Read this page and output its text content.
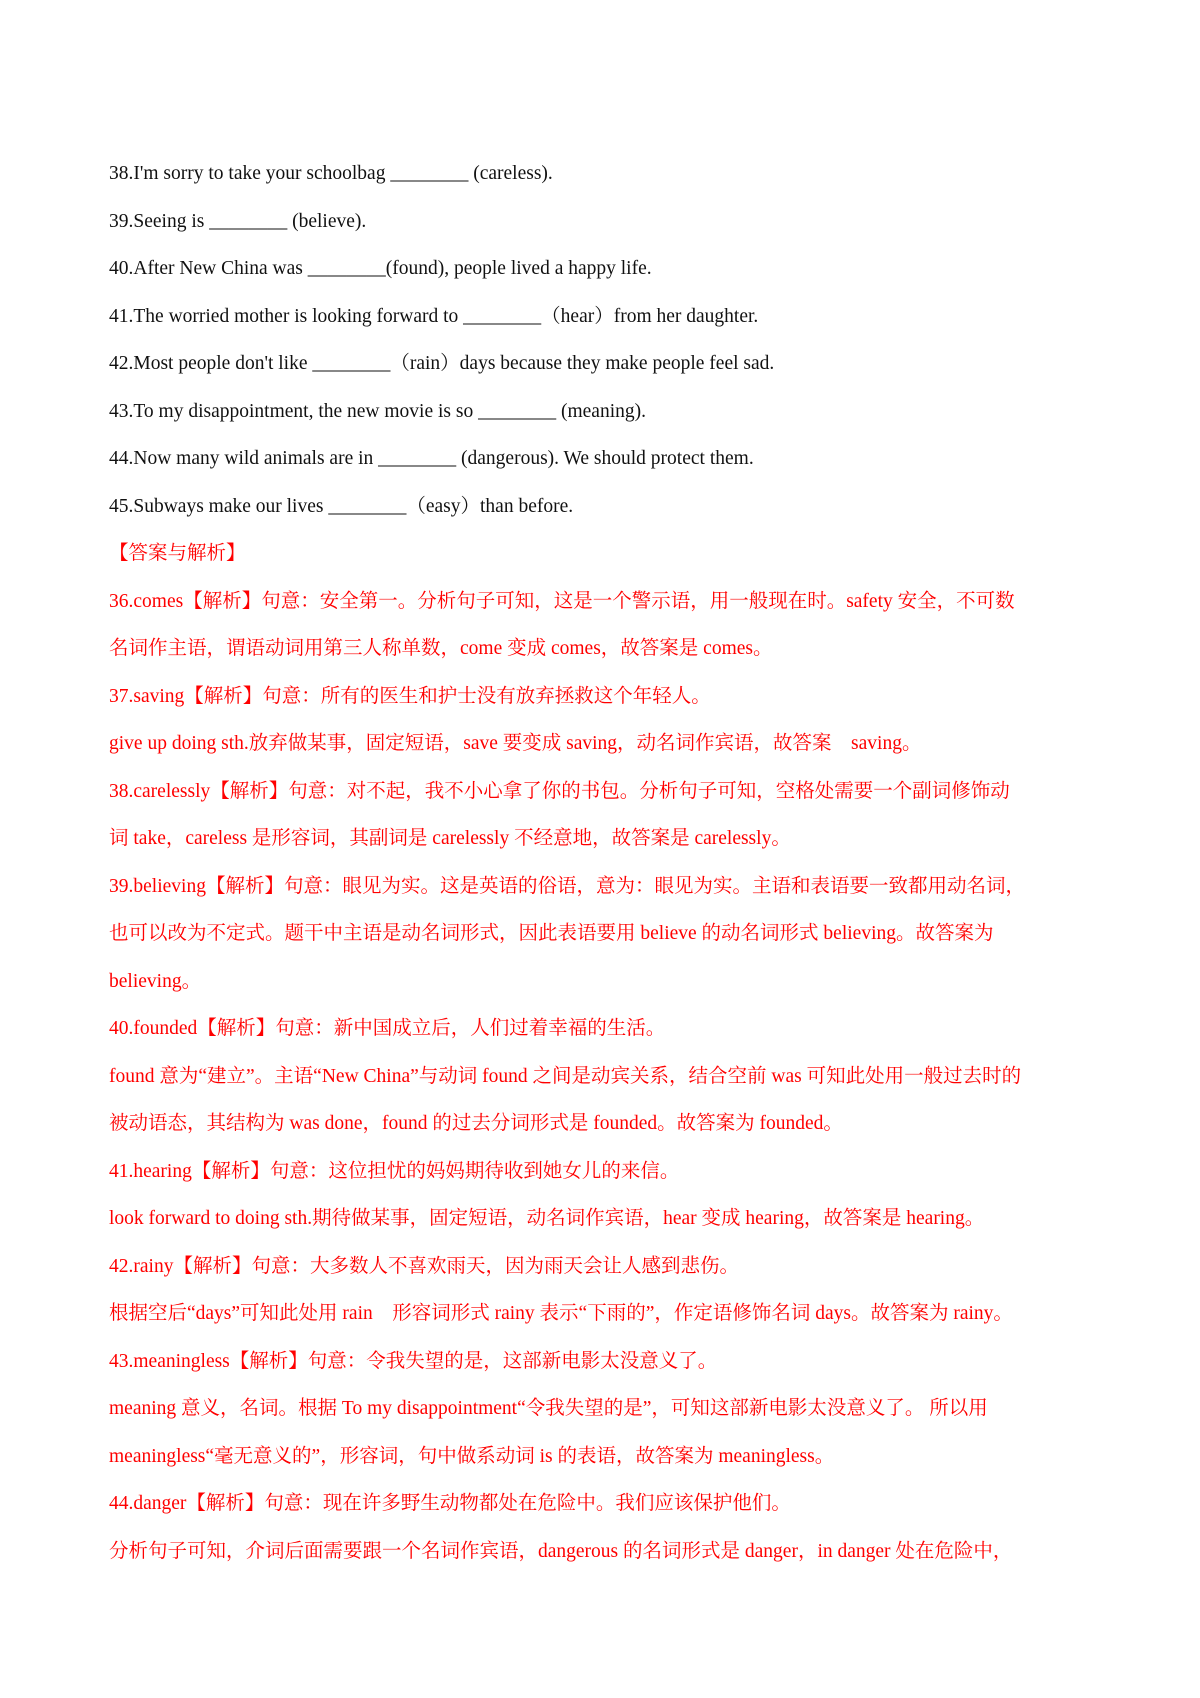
38.I'm sorry to take your schoolbag ________ (careless).
39.Seeing is ________ (believe).
40.After New China was ________(found), people lived a happy life.
41.The worried mother is looking forward to ________（hear）from her daughter.
42.Most people don't like ________（rain）days because they make people feel sad.
43.To my disappointment, the new movie is so ________ (meaning).
44.Now many wild animals are in ________ (dangerous). We should protect them.
45.Subways make our lives ________（easy）than before.
【答案与解析】
36.comes【解析】句意：安全第一。分析句子可知，这是一个警示语，用一般现在时。safety 安全，不可数
名词作主语，谓语动词用第三人称单数，come 变成 comes，故答案是 comes。
37.saving【解析】句意：所有的医生和护士没有放弃拯救这个年轻人。
give up doing sth.放弃做某事，固定短语，save 要变成 saving，动名词作宾语，故答案　saving。
38.carelessly【解析】句意：对不起，我不小心拿了你的书包。分析句子可知，空格处需要一个副词修饰动
词 take，careless 是形容词，其副词是 carelessly 不经意地，故答案是 carelessly。
39.believing【解析】句意：眼见为实。这是英语的俗语，意为：眼见为实。主语和表语要一致都用动名词，
也可以改为不定式。题干中主语是动名词形式，因此表语要用 believe 的动名词形式 believing。故答案为
believing。
40.founded【解析】句意：新中国成立后，人们过着幸福的生活。
found 意为“建立”。主语“New China”与动词 found 之间是动宾关系，结合空前 was 可知此处用一般过去时的
被动语态，其结构为 was done，found 的过去分词形式是 founded。故答案为 founded。
41.hearing【解析】句意：这位担忧的妈妈期待收到她女儿的来信。
look forward to doing sth.期待做某事，固定短语，动名词作宾语，hear 变成 hearing，故答案是 hearing。
42.rainy【解析】句意：大多数人不喜欢雨天，因为雨天会让人感到悲伤。
根据空后“days”可知此处用 rain　形容词形式 rainy 表示“下雨的”，作定语修饰名词 days。故答案为 rainy。
43.meaningless【解析】句意：令我失望的是，这部新电影太没意义了。
meaning 意义，名词。根据 To my disappointment“令我失望的是”，可知这部新电影太没意义了。 所以用
meaningless“毫无意义的”，形容词，句中做系动词 is 的表语，故答案为 meaningless。
44.danger【解析】句意：现在许多野生动物都处在危险中。我们应该保护他们。
分析句子可知，介词后面需要跟一个名词作宾语，dangerous 的名词形式是 danger，in danger 处在危险中，
